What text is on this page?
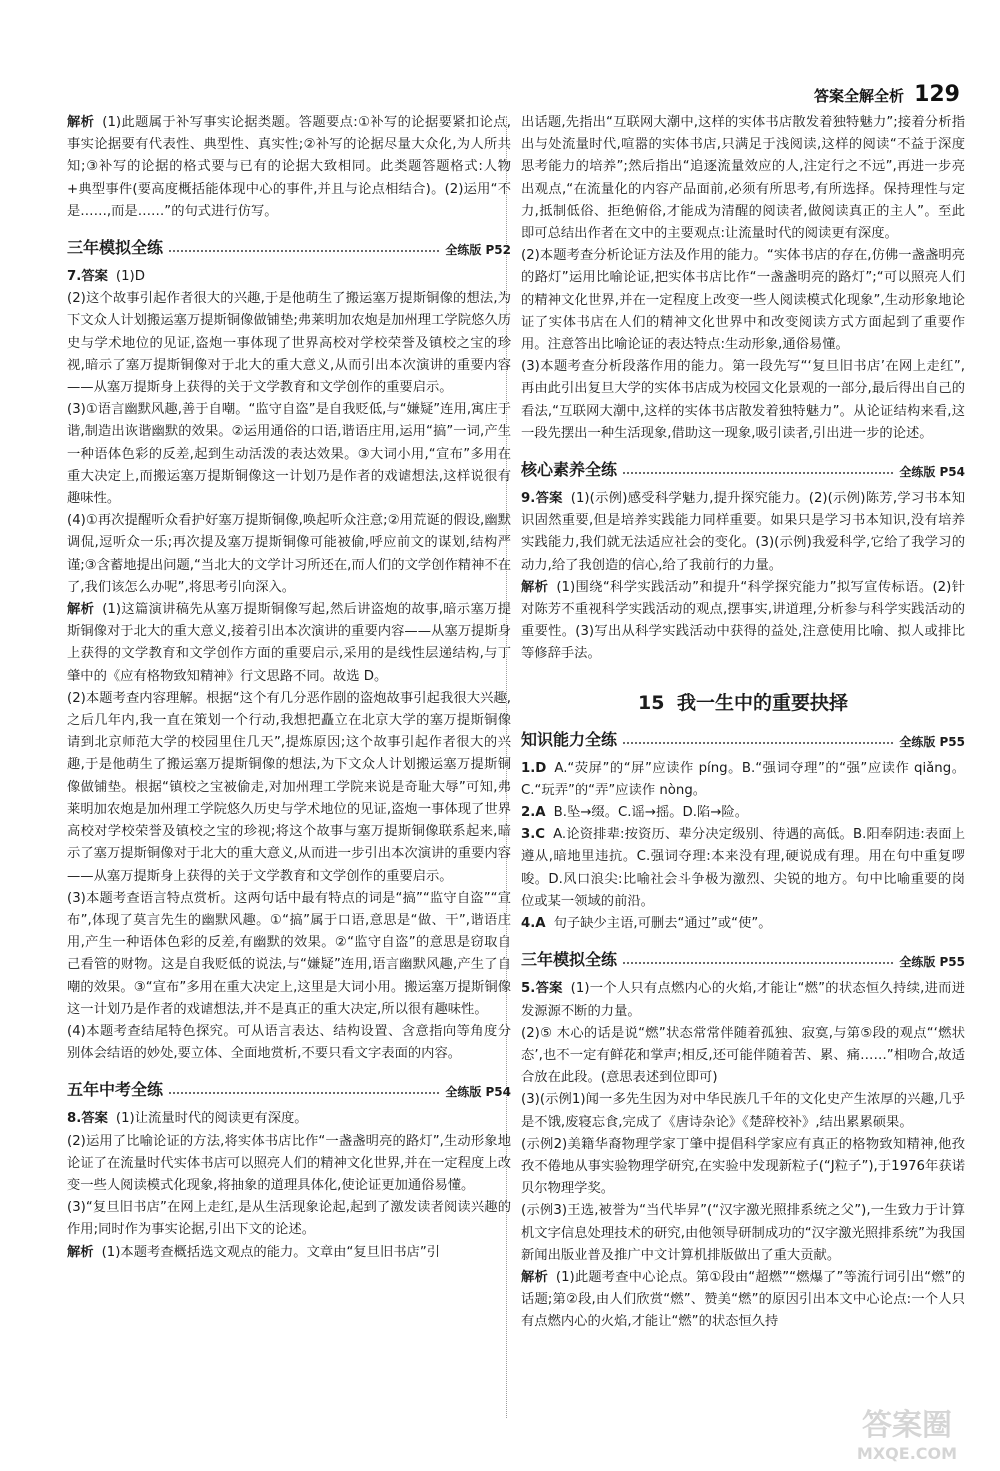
答案全解全析 129

解析 (1)此题属于补写事实论据类题。答题要点:①补写的论据要紧扣论点,事实论据要有代表性、典型性、真实性;②补写的论据尽量大众化,为人所共知;③补写的论据的格式要与已有的论据大致相同。此类题答题格式:人物+典型事件(要高度概括能体现中心的事件,并且与论点相结合)。(2)运用“不是……,而是……”的句式进行仿写。

三年模拟全练	全练版 P52

7.答案 (1)D

(2)这个故事引起作者很大的兴趣,于是他萌生了搬运塞万提斯铜像的想法,为下文众人计划搬运塞万提斯铜像做铺垫;弗莱明加农炮是加州理工学院悠久历史与学术地位的见证,盗炮一事体现了世界高校对学校荣誉及镇校之宝的珍视,暗示了塞万提斯铜像对于北大的重大意义,从而引出本次演讲的重要内容——从塞万提斯身上获得的关于文学教育和文学创作的重要启示。

(3)①语言幽默风趣,善于自嘲。“监守自盗”是自我贬低,与“嫌疑”连用,寓庄于谐,制造出诙谐幽默的效果。②运用通俗的口语,谐语庄用,运用“搞”一词,产生一种语体色彩的反差,起到生动活泼的表达效果。③大词小用,“宣布”多用在重大决定上,而搬运塞万提斯铜像这一计划乃是作者的戏谑想法,这样说很有趣味性。

(4)①再次提醒听众看护好塞万提斯铜像,唤起听众注意;②用荒诞的假设,幽默调侃,逗听众一乐;再次提及塞万提斯铜像可能被偷,呼应前文的谋划,结构严谨;③含蓄地提出问题,“当北大的文学计习所还在,而人们的文学创作精神不在了,我们该怎么办呢”,将思考引向深入。

解析 (1)这篇演讲稿先从塞万提斯铜像写起,然后讲盗炮的故事,暗示塞万提斯铜像对于北大的重大意义,接着引出本次演讲的重要内容——从塞万提斯身上获得的文学教育和文学创作方面的重要启示,采用的是线性层递结构,与丁肇中的《应有格物致知精神》行文思路不同。故选 D。

(2)本题考查内容理解。根据“这个有几分恶作剧的盗炮故事引起我很大兴趣,之后几年内,我一直在策划一个行动,我想把矗立在北京大学的塞万提斯铜像请到北京师范大学的校园里住几天”,提炼原因;这个故事引起作者很大的兴趣,于是他萌生了搬运塞万提斯铜像的想法,为下文众人计划搬运塞万提斯铜像做铺垫。根据“镇校之宝被偷走,对加州理工学院来说是奇耻大辱”可知,弗莱明加农炮是加州理工学院悠久历史与学术地位的见证,盗炮一事体现了世界高校对学校荣誉及镇校之宝的珍视;将这个故事与塞万提斯铜像联系起来,暗示了塞万提斯铜像对于北大的重大意义,从而进一步引出本次演讲的重要内容——从塞万提斯身上获得的关于文学教育和文学创作的重要启示。

(3)本题考查语言特点赏析。这两句话中最有特点的词是“搞”“监守自盗”“宣布”,体现了莫言先生的幽默风趣。①“搞”属于口语,意思是“做、干”,谐语庄用,产生一种语体色彩的反差,有幽默的效果。②“监守自盗”的意思是窃取自己看管的财物。这是自我贬低的说法,与“嫌疑”连用,语言幽默风趣,产生了自嘲的效果。③“宣布”多用在重大决定上,这里是大词小用。搬运塞万提斯铜像这一计划乃是作者的戏谑想法,并不是真正的重大决定,所以很有趣味性。

(4)本题考查结尾特色探究。可从语言表达、结构设置、含意指向等角度分别体会结语的妙处,要立体、全面地赏析,不要只看文字表面的内容。

五年中考全练	全练版 P54

8.答案 (1)让流量时代的阅读更有深度。

(2)运用了比喻论证的方法,将实体书店比作“一盏盏明亮的路灯”,生动形象地论证了在流量时代实体书店可以照亮人们的精神文化世界,并在一定程度上改变一些人阅读模式化现象,将抽象的道理具体化,使论证更加通俗易懂。

(3)“复旦旧书店”在网上走红,是从生活现象论起,起到了激发读者阅读兴趣的作用;同时作为事实论据,引出下文的论述。

解析 (1)本题考查概括选文观点的能力。文章由“复旦旧书店”引

出话题,先指出“互联网大潮中,这样的实体书店散发着独特魅力”;接着分析指出与处流量时代,喧嚣的实体书店,只满足于浅阅读,这样的阅读“不益于深度思考能力的培养”;然后指出“追逐流量效应的人,注定行之不远”,再进一步亮出观点,“在流量化的内容产品面前,必须有所思考,有所选择。保持理性与定力,抵制低俗、拒绝俯俗,才能成为清醒的阅读者,做阅读真正的主人”。至此即可总结出作者在文中的主要观点:让流量时代的阅读更有深度。

(2)本题考查分析论证方法及作用的能力。“实体书店的存在,仿佛一盏盏明亮的路灯”运用比喻论证,把实体书店比作“一盏盏明亮的路灯”;“可以照亮人们的精神文化世界,并在一定程度上改变一些人阅读模式化现象”,生动形象地论证了实体书店在人们的精神文化世界中和改变阅读方式方面起到了重要作用。注意答出比喻论证的表达特点:生动形象,通俗易懂。

(3)本题考查分析段落作用的能力。第一段先写“‘复旦旧书店’在网上走红”,再由此引出复旦大学的实体书店成为校园文化景观的一部分,最后得出自己的看法,“互联网大潮中,这样的实体书店散发着独特魅力”。从论证结构来看,这一段先摆出一种生活现象,借助这一现象,吸引读者,引出进一步的论述。

核心素养全练	全练版 P54

9.答案 (1)(示例)感受科学魅力,提升探究能力。(2)(示例)陈芳,学习书本知识固然重要,但是培养实践能力同样重要。如果只是学习书本知识,没有培养实践能力,我们就无法适应社会的变化。(3)(示例)我爱科学,它给了我学习的动力,给了我创造的信心,给了我前行的力量。

解析 (1)围绕“科学实践活动”和提升“科学探究能力”拟写宣传标语。(2)针对陈芳不重视科学实践活动的观点,摆事实,讲道理,分析参与科学实践活动的重要性。(3)写出从科学实践活动中获得的益处,注意使用比喻、拟人或排比等修辞手法。

15 我一生中的重要抉择
知识能力全练	全练版 P55

1.D A.“荧屏”的“屏”应读作 píng。B.“强词夺理”的“强”应读作 qiǎng。C.“玩弄”的“弄”应读作 nòng。

2.A B.坠→缀。C.谣→摇。D.陷→险。

3.C A.论资排辈:按资历、辈分决定级别、待遇的高低。B.阳奉阴违:表面上遵从,暗地里违抗。C.强词夺理:本来没有理,硬说成有理。用在句中重复啰唆。D.风口浪尖:比喻社会斗争极为激烈、尖锐的地方。句中比喻重要的岗位或某一领域的前沿。

4.A 句子缺少主语,可删去“通过”或“使”。

三年模拟全练	全练版 P55

5.答案 (1)一个人只有点燃内心的火焰,才能让“燃”的状态恒久持续,进而迸发源源不断的力量。

(2)⑤ 木心的话是说“燃”状态常常伴随着孤独、寂寞,与第⑤段的观点“‘燃状态’,也不一定有鲜花和掌声;相反,还可能伴随着苦、累、痛……”相吻合,故适合放在此段。(意思表述到位即可)

(3)(示例1)闻一多先生因为对中华民族几千年的文化史产生浓厚的兴趣,几乎是不饿,废寝忘食,完成了《唐诗杂论》《楚辞校补》,结出累累硕果。

(示例2)美籍华裔物理学家丁肇中提倡科学家应有真正的格物致知精神,他孜孜不倦地从事实验物理学研究,在实验中发现新粒子(“J粒子”),于1976年获诺贝尔物理学奖。

(示例3)王选,被誉为“当代毕昇”(“汉字激光照排系统之父”),一生致力于计算机文字信息处理技术的研究,由他领导研制成功的“汉字激光照排系统”为我国新闻出版业普及推广中文计算机排版做出了重大贡献。

解析 (1)此题考查中心论点。第①段由“超燃”“燃爆了”等流行词引出“燃”的话题;第②段,由人们欣赏“燃”、赞美“燃”的原因引出本文中心论点:一个人只有点燃内心的火焰,才能让“燃”的状态恒久持

答案圈
MXQE.COM
